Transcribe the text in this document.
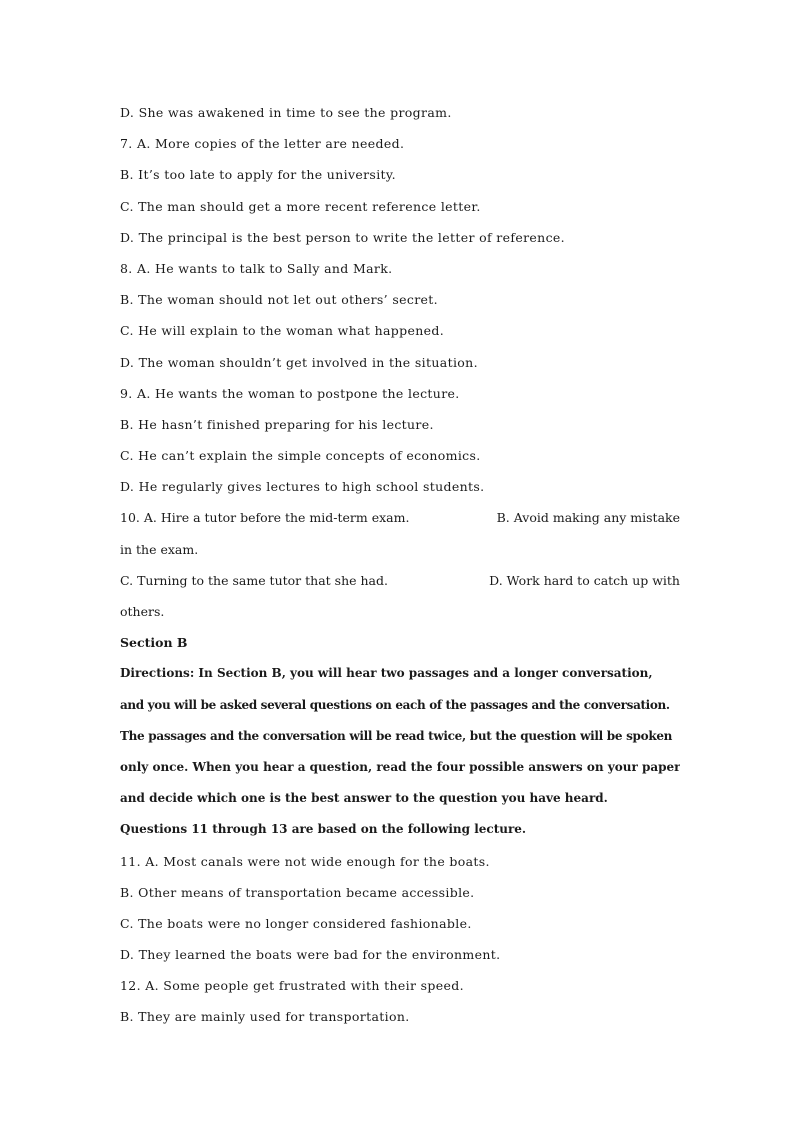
D. She was awakened in time to see the program.
7. A. More copies of the letter are needed.
B. It’s too late to apply for the university.
C. The man should get a more recent reference letter.
D. The principal is the best person to write the letter of reference.
8. A. He wants to talk to Sally and Mark.
B. The woman should not let out others’ secret.
C. He will explain to the woman what happened.
D. The woman shouldn’t get involved in the situation.
9. A. He wants the woman to postpone the lecture.
B. He hasn’t finished preparing for his lecture.
C. He can’t explain the simple concepts of economics.
D. He regularly gives lectures to high school students.
10. A. Hire a tutor before the mid-term exam.	B. Avoid making any mistake
in the exam.
C. Turning to the same tutor that she had.	D. Work hard to catch up with
others.
Section B
Directions: In Section B, you will hear two passages and a longer conversation,
and you will be asked several questions on each of the passages and the conversation.
The passages and the conversation will be read twice, but the question will be spoken
only once. When you hear a question, read the four possible answers on your paper
and decide which one is the best answer to the question you have heard.
Questions 11 through 13 are based on the following lecture.
11. A. Most canals were not wide enough for the boats.
B. Other means of transportation became accessible.
C. The boats were no longer considered fashionable.
D. They learned the boats were bad for the environment.
12. A. Some people get frustrated with their speed.
B. They are mainly used for transportation.
